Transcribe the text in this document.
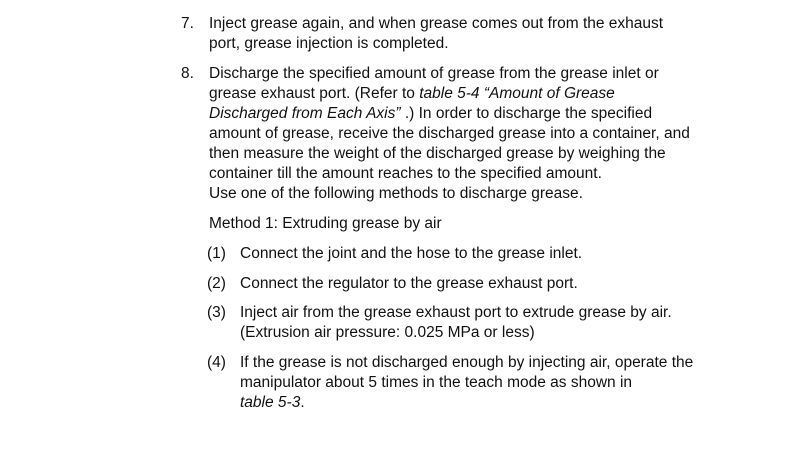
7. Inject grease again, and when grease comes out from the exhaust
port, grease injection is completed.
8. Discharge the specified amount of grease from the grease inlet or
grease exhaust port. (Refer to table 5-4 “Amount of Grease
Discharged from Each Axis” .) In order to discharge the specified
amount of grease, receive the discharged grease into a container, and
then measure the weight of the discharged grease by weighing the
container till the amount reaches to the specified amount.
Use one of the following methods to discharge grease.
Method 1: Extruding grease by air
(1) Connect the joint and the hose to the grease inlet.
(2) Connect the regulator to the grease exhaust port.
(3) Inject air from the grease exhaust port to extrude grease by air.
(Extrusion air pressure: 0.025 MPa or less)
(4) If the grease is not discharged enough by injecting air, operate the
manipulator about 5 times in the teach mode as shown in
table 5-3.
